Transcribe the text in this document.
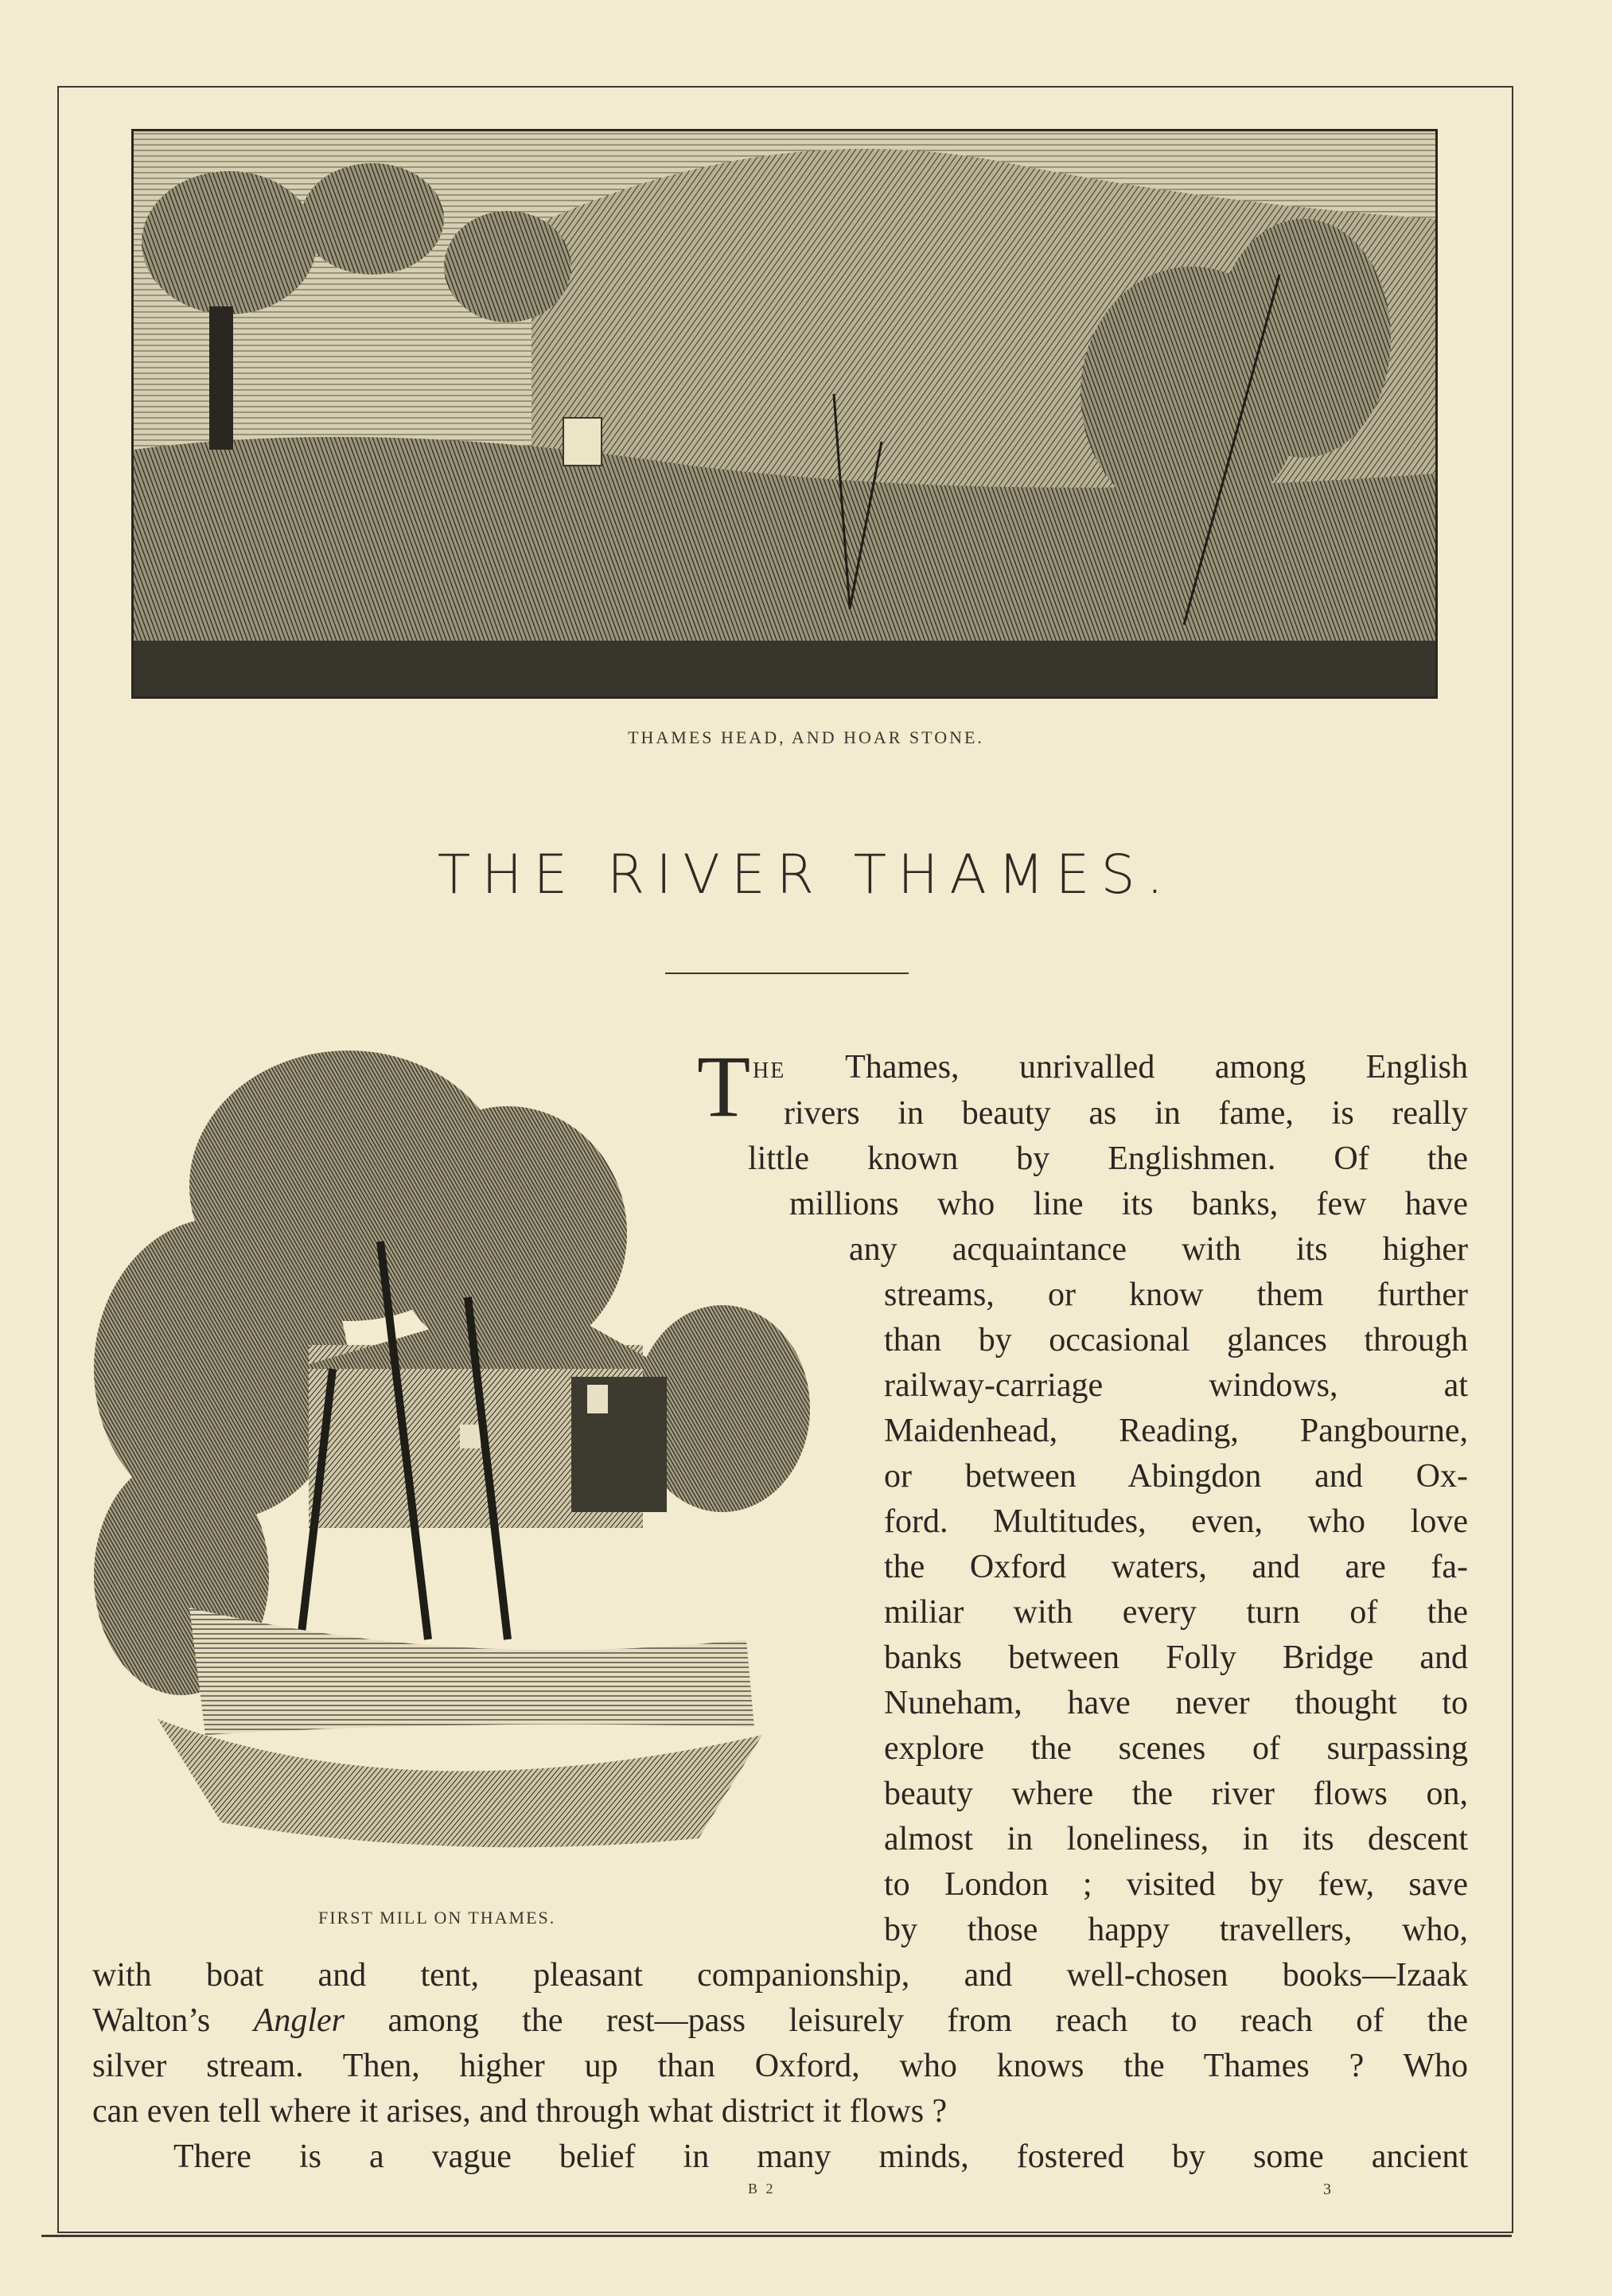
THAMES HEAD, AND HOAR STONE.
THE RIVER THAMES.
FIRST MILL ON THAMES.
T HE Thames, unrivalled among English
rivers in beauty as in fame, is really
little known by Englishmen. Of the
millions who line its banks, few have
any acquaintance with its higher
streams, or know them further
than by occasional glances through
railway-carriage windows, at
Maidenhead, Reading, Pangbourne,
or between Abingdon and Ox-
ford. Multitudes, even, who love
the Oxford waters, and are fa-
miliar with every turn of the
banks between Folly Bridge and
Nuneham, have never thought to
explore the scenes of surpassing
beauty where the river flows on,
almost in loneliness, in its descent
to London ; visited by few, save
by those happy travellers, who,
with boat and tent, pleasant companionship, and well-chosen books—Izaak
Walton’s Angler among the rest—pass leisurely from reach to reach of the
silver stream. Then, higher up than Oxford, who knows the Thames ? Who
can even tell where it arises, and through what district it flows ?
There is a vague belief in many minds, fostered by some ancient
B 2	3
